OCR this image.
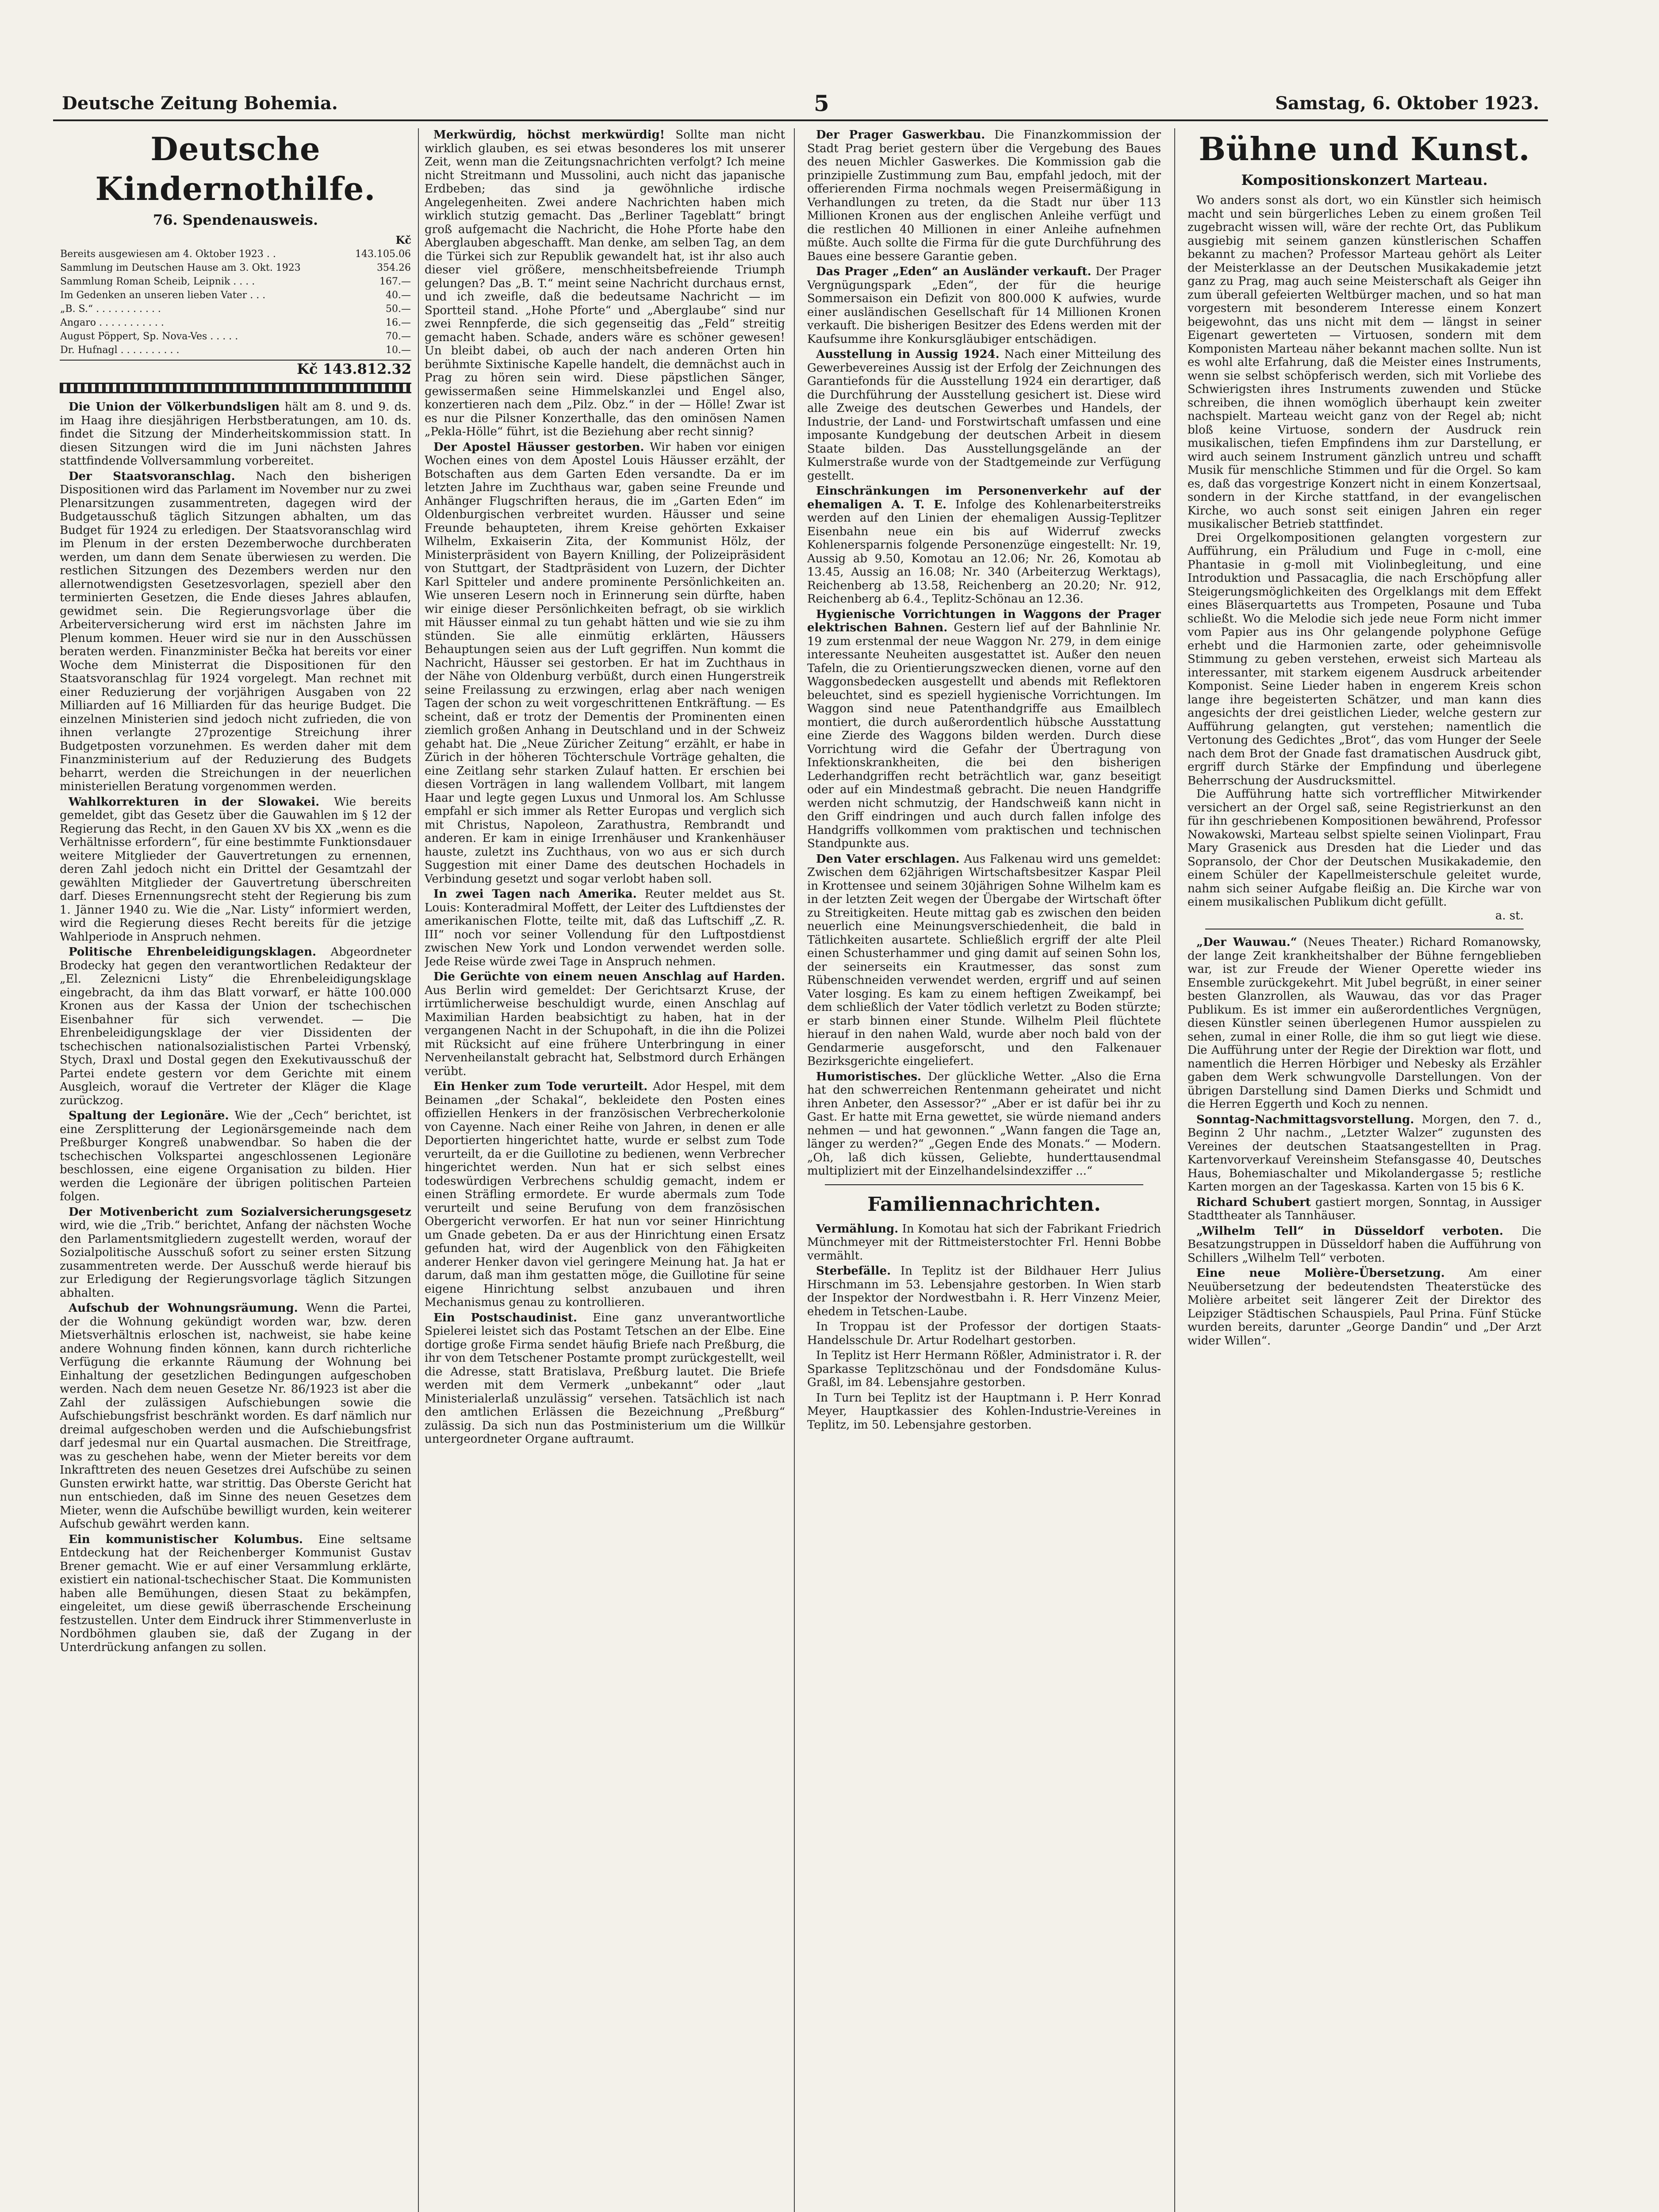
Deutsche Zeitung Bohemia.	5	Samstag, 6. Oktober 1923.
Deutsche Kindernothilfe.
76. Spendenausweis.
Kč
Bereits ausgewiesen am 4. Oktober 1923 . .	143.105.06
Sammlung im Deutschen Hause am 3. Okt. 1923	354.26
Sammlung Roman Scheib, Leipnik . . . .	167.—
Im Gedenken an unseren lieben Vater . . .	40.—
„B. S.“ . . . . . . . . . . .	50.—
Angaro . . . . . . . . . . .	16.—
August Pöppert, Sp. Nova-Ves . . . . .	70.—
Dr. Hufnagl . . . . . . . . . .	10.—
Kč 143.812.32

Die Union der Völkerbundsligen hält am 8. und 9. ds. im Haag ihre diesjährigen Herbstberatungen, am 10. ds. findet die Sitzung der Minderheitskommission statt. In diesen Sitzungen wird die im Juni nächsten Jahres stattfindende Vollversammlung vorbereitet.

Der Staatsvoranschlag. Nach den bisherigen Dispositionen wird das Parlament im November nur zu zwei Plenarsitzungen zusammentreten, dagegen wird der Budgetausschuß täglich Sitzungen abhalten, um das Budget für 1924 zu erledigen. Der Staatsvoranschlag wird im Plenum in der ersten Dezemberwoche durchberaten werden, um dann dem Senate überwiesen zu werden. Die restlichen Sitzungen des Dezembers werden nur den allernotwendigsten Gesetzesvorlagen, speziell aber den terminierten Gesetzen, die Ende dieses Jahres ablaufen, gewidmet sein. Die Regierungsvorlage über die Arbeiterversicherung wird erst im nächsten Jahre im Plenum kommen. Heuer wird sie nur in den Ausschüssen beraten werden. Finanzminister Bečka hat bereits vor einer Woche dem Ministerrat die Dispositionen für den Staatsvoranschlag für 1924 vorgelegt. Man rechnet mit einer Reduzierung der vorjährigen Ausgaben von 22 Milliarden auf 16 Milliarden für das heurige Budget. Die einzelnen Ministerien sind jedoch nicht zufrieden, die von ihnen verlangte 27prozentige Streichung ihrer Budgetposten vorzunehmen. Es werden daher mit dem Finanzministerium auf der Reduzierung des Budgets beharrt, werden die Streichungen in der neuerlichen ministeriellen Beratung vorgenommen werden.

Wahlkorrekturen in der Slowakei. Wie bereits gemeldet, gibt das Gesetz über die Gauwahlen im § 12 der Regierung das Recht, in den Gauen XV bis XX „wenn es die Verhältnisse erfordern“, für eine bestimmte Funktionsdauer weitere Mitglieder der Gauvertretungen zu ernennen, deren Zahl jedoch nicht ein Drittel der Gesamtzahl der gewählten Mitglieder der Gauvertretung überschreiten darf. Dieses Ernennungsrecht steht der Regierung bis zum 1. Jänner 1940 zu. Wie die „Nar. Listy“ informiert werden, wird die Regierung dieses Recht bereits für die jetzige Wahlperiode in Anspruch nehmen.

Politische Ehrenbeleidigungsklagen. Abgeordneter Brodecky hat gegen den verantwortlichen Redakteur der „El. Zeleznicni Listy“ die Ehrenbeleidigungsklage eingebracht, da ihm das Blatt vorwarf, er hätte 100.000 Kronen aus der Kassa der Union der tschechischen Eisenbahner für sich verwendet. — Die Ehrenbeleidigungsklage der vier Dissidenten der tschechischen nationalsozialistischen Partei Vrbenský, Stych, Draxl und Dostal gegen den Exekutivausschuß der Partei endete gestern vor dem Gerichte mit einem Ausgleich, worauf die Vertreter der Kläger die Klage zurückzog.

Spaltung der Legionäre. Wie der „Cech“ berichtet, ist eine Zersplitterung der Legionärsgemeinde nach dem Preßburger Kongreß unabwendbar. So haben die der tschechischen Volkspartei angeschlossenen Legionäre beschlossen, eine eigene Organisation zu bilden. Hier werden die Legionäre der übrigen politischen Parteien folgen.

Der Motivenbericht zum Sozialversicherungsgesetz wird, wie die „Trib.“ berichtet, Anfang der nächsten Woche den Parlamentsmitgliedern zugestellt werden, worauf der Sozialpolitische Ausschuß sofort zu seiner ersten Sitzung zusammentreten werde. Der Ausschuß werde hierauf bis zur Erledigung der Regierungsvorlage täglich Sitzungen abhalten.

Aufschub der Wohnungsräumung. Wenn die Partei, der die Wohnung gekündigt worden war, bzw. deren Mietsverhältnis erloschen ist, nachweist, sie habe keine andere Wohnung finden können, kann durch richterliche Verfügung die erkannte Räumung der Wohnung bei Einhaltung der gesetzlichen Bedingungen aufgeschoben werden. Nach dem neuen Gesetze Nr. 86/1923 ist aber die Zahl der zulässigen Aufschiebungen sowie die Aufschiebungsfrist beschränkt worden. Es darf nämlich nur dreimal aufgeschoben werden und die Aufschiebungsfrist darf jedesmal nur ein Quartal ausmachen. Die Streitfrage, was zu geschehen habe, wenn der Mieter bereits vor dem Inkrafttreten des neuen Gesetzes drei Aufschübe zu seinen Gunsten erwirkt hatte, war strittig. Das Oberste Gericht hat nun entschieden, daß im Sinne des neuen Gesetzes dem Mieter, wenn die Aufschübe bewilligt wurden, kein weiterer Aufschub gewährt werden kann.

Ein kommunistischer Kolumbus. Eine seltsame Entdeckung hat der Reichenberger Kommunist Gustav Brener gemacht. Wie er auf einer Versammlung erklärte, existiert ein national-tschechischer Staat. Die Kommunisten haben alle Bemühungen, diesen Staat zu bekämpfen, eingeleitet, um diese gewiß überraschende Erscheinung festzustellen. Unter dem Eindruck ihrer Stimmenverluste in Nordböhmen glauben sie, daß der Zugang in der Unterdrückung anfangen zu sollen.

Merkwürdig, höchst merkwürdig! Sollte man nicht wirklich glauben, es sei etwas besonderes los mit unserer Zeit, wenn man die Zeitungsnachrichten verfolgt? Ich meine nicht Streitmann und Mussolini, auch nicht das japanische Erdbeben; das sind ja gewöhnliche irdische Angelegenheiten. Zwei andere Nachrichten haben mich wirklich stutzig gemacht. Das „Berliner Tageblatt“ bringt groß aufgemacht die Nachricht, die Hohe Pforte habe den Aberglauben abgeschafft. Man denke, am selben Tag, an dem die Türkei sich zur Republik gewandelt hat, ist ihr also auch dieser viel größere, menschheitsbefreiende Triumph gelungen? Das „B. T.“ meint seine Nachricht durchaus ernst, und ich zweifle, daß die bedeutsame Nachricht — im Sportteil stand. „Hohe Pforte“ und „Aberglaube“ sind nur zwei Rennpferde, die sich gegenseitig das „Feld“ streitig gemacht haben. Schade, anders wäre es schöner gewesen! Un bleibt dabei, ob auch der nach anderen Orten hin berühmte Sixtinische Kapelle handelt, die demnächst auch in Prag zu hören sein wird. Diese päpstlichen Sänger, gewissermaßen seine Himmelskanzlei und Engel also, konzertieren nach dem „Pilz. Obz.“ in der — Hölle! Zwar ist es nur die Pilsner Konzerthalle, das den ominösen Namen „Pekla-Hölle“ führt, ist die Beziehung aber recht sinnig?

Der Apostel Häusser gestorben. Wir haben vor einigen Wochen eines von dem Apostel Louis Häusser erzählt, der Botschaften aus dem Garten Eden versandte. Da er im letzten Jahre im Zuchthaus war, gaben seine Freunde und Anhänger Flugschriften heraus, die im „Garten Eden“ im Oldenburgischen verbreitet wurden. Häusser und seine Freunde behaupteten, ihrem Kreise gehörten Exkaiser Wilhelm, Exkaiserin Zita, der Kommunist Hölz, der Ministerpräsident von Bayern Knilling, der Polizeipräsident von Stuttgart, der Stadtpräsident von Luzern, der Dichter Karl Spitteler und andere prominente Persönlichkeiten an. Wie unseren Lesern noch in Erinnerung sein dürfte, haben wir einige dieser Persönlichkeiten befragt, ob sie wirklich mit Häusser einmal zu tun gehabt hätten und wie sie zu ihm stünden. Sie alle einmütig erklärten, Häussers Behauptungen seien aus der Luft gegriffen. Nun kommt die Nachricht, Häusser sei gestorben. Er hat im Zuchthaus in der Nähe von Oldenburg verbüßt, durch einen Hungerstreik seine Freilassung zu erzwingen, erlag aber nach wenigen Tagen der schon zu weit vorgeschrittenen Entkräftung. — Es scheint, daß er trotz der Dementis der Prominenten einen ziemlich großen Anhang in Deutschland und in der Schweiz gehabt hat. Die „Neue Züricher Zeitung“ erzählt, er habe in Zürich in der höheren Töchterschule Vorträge gehalten, die eine Zeitlang sehr starken Zulauf hatten. Er erschien bei diesen Vorträgen in lang wallendem Vollbart, mit langem Haar und legte gegen Luxus und Unmoral los. Am Schlusse empfahl er sich immer als Retter Europas und verglich sich mit Christus, Napoleon, Zarathustra, Rembrandt und anderen. Er kam in einige Irrenhäuser und Krankenhäuser hauste, zuletzt ins Zuchthaus, von wo aus er sich durch Suggestion mit einer Dame des deutschen Hochadels in Verbindung gesetzt und sogar verlobt haben soll.

In zwei Tagen nach Amerika. Reuter meldet aus St. Louis: Konteradmiral Moffett, der Leiter des Luftdienstes der amerikanischen Flotte, teilte mit, daß das Luftschiff „Z. R. III“ noch vor seiner Vollendung für den Luftpostdienst zwischen New York und London verwendet werden solle. Jede Reise würde zwei Tage in Anspruch nehmen.

Die Gerüchte von einem neuen Anschlag auf Harden. Aus Berlin wird gemeldet: Der Gerichtsarzt Kruse, der irrtümlicherweise beschuldigt wurde, einen Anschlag auf Maximilian Harden beabsichtigt zu haben, hat in der vergangenen Nacht in der Schupohaft, in die ihn die Polizei mit Rücksicht auf eine frühere Unterbringung in einer Nervenheilanstalt gebracht hat, Selbstmord durch Erhängen verübt.

Ein Henker zum Tode verurteilt. Ador Hespel, mit dem Beinamen „der Schakal“, bekleidete den Posten eines offiziellen Henkers in der französischen Verbrecherkolonie von Cayenne. Nach einer Reihe von Jahren, in denen er alle Deportierten hingerichtet hatte, wurde er selbst zum Tode verurteilt, da er die Guillotine zu bedienen, wenn Verbrecher hingerichtet werden. Nun hat er sich selbst eines todeswürdigen Verbrechens schuldig gemacht, indem er einen Sträfling ermordete. Er wurde abermals zum Tode verurteilt und seine Berufung von dem französischen Obergericht verworfen. Er hat nun vor seiner Hinrichtung um Gnade gebeten. Da er aus der Hinrichtung einen Ersatz gefunden hat, wird der Augenblick von den Fähigkeiten anderer Henker davon viel geringere Meinung hat. Ja hat er darum, daß man ihm gestatten möge, die Guillotine für seine eigene Hinrichtung selbst anzubauen und ihren Mechanismus genau zu kontrollieren.

Ein Postschaudinist. Eine ganz unverantwortliche Spielerei leistet sich das Postamt Tetschen an der Elbe. Eine dortige große Firma sendet häufig Briefe nach Preßburg, die ihr von dem Tetschener Postamte prompt zurückgestellt, weil die Adresse, statt Bratislava, Preßburg lautet. Die Briefe werden mit dem Vermerk „unbekannt“ oder „laut Ministerialerlaß unzulässig“ versehen. Tatsächlich ist nach den amtlichen Erlässen die Bezeichnung „Preßburg“ zulässig. Da sich nun das Postministerium um die Willkür untergeordneter Organe auftraumt.

Der Prager Gaswerkbau. Die Finanzkommission der Stadt Prag beriet gestern über die Vergebung des Baues des neuen Michler Gaswerkes. Die Kommission gab die prinzipielle Zustimmung zum Bau, empfahl jedoch, mit der offerierenden Firma nochmals wegen Preisermäßigung in Verhandlungen zu treten, da die Stadt nur über 113 Millionen Kronen aus der englischen Anleihe verfügt und die restlichen 40 Millionen in einer Anleihe aufnehmen müßte. Auch sollte die Firma für die gute Durchführung des Baues eine bessere Garantie geben.

Das Prager „Eden“ an Ausländer verkauft. Der Prager Vergnügungspark „Eden“, der für die heurige Sommersaison ein Defizit von 800.000 K aufwies, wurde einer ausländischen Gesellschaft für 14 Millionen Kronen verkauft. Die bisherigen Besitzer des Edens werden mit der Kaufsumme ihre Konkursgläubiger entschädigen.

Ausstellung in Aussig 1924. Nach einer Mitteilung des Gewerbevereines Aussig ist der Erfolg der Zeichnungen des Garantiefonds für die Ausstellung 1924 ein derartiger, daß die Durchführung der Ausstellung gesichert ist. Diese wird alle Zweige des deutschen Gewerbes und Handels, der Industrie, der Land- und Forstwirtschaft umfassen und eine imposante Kundgebung der deutschen Arbeit in diesem Staate bilden. Das Ausstellungsgelände an der Kulmerstraße wurde von der Stadtgemeinde zur Verfügung gestellt.

Einschränkungen im Personenverkehr auf der ehemaligen A. T. E. Infolge des Kohlenarbeiterstreiks werden auf den Linien der ehemaligen Aussig-Teplitzer Eisenbahn neue ein bis auf Widerruf zwecks Kohlenersparnis folgende Personenzüge eingestellt: Nr. 19, Aussig ab 9.50, Komotau an 12.06; Nr. 26, Komotau ab 13.45, Aussig an 16.08; Nr. 340 (Arbeiterzug Werktags), Reichenberg ab 13.58, Reichenberg an 20.20; Nr. 912, Reichenberg ab 6.4., Teplitz-Schönau an 12.36.

Hygienische Vorrichtungen in Waggons der Prager elektrischen Bahnen. Gestern lief auf der Bahnlinie Nr. 19 zum erstenmal der neue Waggon Nr. 279, in dem einige interessante Neuheiten ausgestattet ist. Außer den neuen Tafeln, die zu Orientierungszwecken dienen, vorne auf den Waggonsbedecken ausgestellt und abends mit Reflektoren beleuchtet, sind es speziell hygienische Vorrichtungen. Im Waggon sind neue Patenthandgriffe aus Emailblech montiert, die durch außerordentlich hübsche Ausstattung eine Zierde des Waggons bilden werden. Durch diese Vorrichtung wird die Gefahr der Übertragung von Infektionskrankheiten, die bei den bisherigen Lederhandgriffen recht beträchtlich war, ganz beseitigt oder auf ein Mindestmaß gebracht. Die neuen Handgriffe werden nicht schmutzig, der Handschweiß kann nicht in den Griff eindringen und auch durch fallen infolge des Handgriffs vollkommen vom praktischen und technischen Standpunkte aus.

Den Vater erschlagen. Aus Falkenau wird uns gemeldet: Zwischen dem 62jährigen Wirtschaftsbesitzer Kaspar Pleil in Krottensee und seinem 30jährigen Sohne Wilhelm kam es in der letzten Zeit wegen der Übergabe der Wirtschaft öfter zu Streitigkeiten. Heute mittag gab es zwischen den beiden neuerlich eine Meinungsverschiedenheit, die bald in Tätlichkeiten ausartete. Schließlich ergriff der alte Pleil einen Schusterhammer und ging damit auf seinen Sohn los, der seinerseits ein Krautmesser, das sonst zum Rübenschneiden verwendet werden, ergriff und auf seinen Vater losging. Es kam zu einem heftigen Zweikampf, bei dem schließlich der Vater tödlich verletzt zu Boden stürzte; er starb binnen einer Stunde. Wilhelm Pleil flüchtete hierauf in den nahen Wald, wurde aber noch bald von der Gendarmerie ausgeforscht, und den Falkenauer Bezirksgerichte eingeliefert.

Humoristisches. Der glückliche Wetter. „Also die Erna hat den schwerreichen Rentenmann geheiratet und nicht ihren Anbeter, den Assessor?“ „Aber er ist dafür bei ihr zu Gast. Er hatte mit Erna gewettet, sie würde niemand anders nehmen — und hat gewonnen.“ „Wann fangen die Tage an, länger zu werden?“ „Gegen Ende des Monats.“ — Modern. „Oh, laß dich küssen, Geliebte, hunderttausendmal multipliziert mit der Einzelhandelsindexziffer ...“

Familiennachrichten.

Vermählung. In Komotau hat sich der Fabrikant Friedrich Münchmeyer mit der Rittmeisterstochter Frl. Henni Bobbe vermählt.

Sterbefälle. In Teplitz ist der Bildhauer Herr Julius Hirschmann im 53. Lebensjahre gestorben. In Wien starb der Inspektor der Nordwestbahn i. R. Herr Vinzenz Meier, ehedem in Tetschen-Laube.

In Troppau ist der Professor der dortigen Staats-Handelsschule Dr. Artur Rodelhart gestorben.

In Teplitz ist Herr Hermann Rößler, Administrator i. R. der Sparkasse Teplitzschönau und der Fondsdomäne Kulus-Graßl, im 84. Lebensjahre gestorben.

In Turn bei Teplitz ist der Hauptmann i. P. Herr Konrad Meyer, Hauptkassier des Kohlen-Industrie-Vereines in Teplitz, im 50. Lebensjahre gestorben.

Bühne und Kunst.
Kompositionskonzert Marteau.

Wo anders sonst als dort, wo ein Künstler sich heimisch macht und sein bürgerliches Leben zu einem großen Teil zugebracht wissen will, wäre der rechte Ort, das Publikum ausgiebig mit seinem ganzen künstlerischen Schaffen bekannt zu machen? Professor Marteau gehört als Leiter der Meisterklasse an der Deutschen Musikakademie jetzt ganz zu Prag, mag auch seine Meisterschaft als Geiger ihn zum überall gefeierten Weltbürger machen, und so hat man vorgestern mit besonderem Interesse einem Konzert beigewohnt, das uns nicht mit dem — längst in seiner Eigenart gewerteten — Virtuosen, sondern mit dem Komponisten Marteau näher bekannt machen sollte. Nun ist es wohl alte Erfahrung, daß die Meister eines Instruments, wenn sie selbst schöpferisch werden, sich mit Vorliebe des Schwierigsten ihres Instruments zuwenden und Stücke schreiben, die ihnen womöglich überhaupt kein zweiter nachspielt. Marteau weicht ganz von der Regel ab; nicht bloß keine Virtuose, sondern der Ausdruck rein musikalischen, tiefen Empfindens ihm zur Darstellung, er wird auch seinem Instrument gänzlich untreu und schafft Musik für menschliche Stimmen und für die Orgel. So kam es, daß das vorgestrige Konzert nicht in einem Konzertsaal, sondern in der Kirche stattfand, in der evangelischen Kirche, wo auch sonst seit einigen Jahren ein reger musikalischer Betrieb stattfindet.

Drei Orgelkompositionen gelangten vorgestern zur Aufführung, ein Präludium und Fuge in c-moll, eine Phantasie in g-moll mit Violinbegleitung, und eine Introduktion und Passacaglia, die nach Erschöpfung aller Steigerungsmöglichkeiten des Orgelklangs mit dem Effekt eines Bläserquartetts aus Trompeten, Posaune und Tuba schließt. Wo die Melodie sich jede neue Form nicht immer vom Papier aus ins Ohr gelangende polyphone Gefüge erhebt und die Harmonien zarte, oder geheimnisvolle Stimmung zu geben verstehen, erweist sich Marteau als interessanter, mit starkem eigenem Ausdruck arbeitender Komponist. Seine Lieder haben in engerem Kreis schon lange ihre begeisterten Schätzer, und man kann dies angesichts der drei geistlichen Lieder, welche gestern zur Aufführung gelangten, gut verstehen; namentlich die Vertonung des Gedichtes „Brot“, das vom Hunger der Seele nach dem Brot der Gnade fast dramatischen Ausdruck gibt, ergriff durch Stärke der Empfindung und überlegene Beherrschung der Ausdrucksmittel.

Die Aufführung hatte sich vortrefflicher Mitwirkender versichert an der Orgel saß, seine Registrierkunst an den für ihn geschriebenen Kompositionen bewährend, Professor Nowakowski, Marteau selbst spielte seinen Violinpart, Frau Mary Grasenick aus Dresden hat die Lieder und das Sopransolo, der Chor der Deutschen Musikakademie, den einem Schüler der Kapellmeisterschule geleitet wurde, nahm sich seiner Aufgabe fleißig an. Die Kirche war von einem musikalischen Publikum dicht gefüllt.

a. st.

„Der Wauwau.“ (Neues Theater.) Richard Romanowsky, der lange Zeit krankheitshalber der Bühne ferngeblieben war, ist zur Freude der Wiener Operette wieder ins Ensemble zurückgekehrt. Mit Jubel begrüßt, in einer seiner besten Glanzrollen, als Wauwau, das vor das Prager Publikum. Es ist immer ein außerordentliches Vergnügen, diesen Künstler seinen überlegenen Humor ausspielen zu sehen, zumal in einer Rolle, die ihm so gut liegt wie diese. Die Aufführung unter der Regie der Direktion war flott, und namentlich die Herren Hörbiger und Nebesky als Erzähler gaben dem Werk schwungvolle Darstellungen. Von der übrigen Darstellung sind Damen Dierks und Schmidt und die Herren Eggerth und Koch zu nennen.

Sonntag-Nachmittagsvorstellung. Morgen, den 7. d., Beginn 2 Uhr nachm., „Letzter Walzer“ zugunsten des Vereines der deutschen Staatsangestellten in Prag. Kartenvorverkauf Vereinsheim Stefansgasse 40, Deutsches Haus, Bohemiaschalter und Mikolandergasse 5; restliche Karten morgen an der Tageskassa. Karten von 15 bis 6 K.

Richard Schubert gastiert morgen, Sonntag, in Aussiger Stadttheater als Tannhäuser.

„Wilhelm Tell“ in Düsseldorf verboten. Die Besatzungstruppen in Düsseldorf haben die Aufführung von Schillers „Wilhelm Tell“ verboten.

Eine neue Molière-Übersetzung. Am einer Neuübersetzung der bedeutendsten Theaterstücke des Molière arbeitet seit längerer Zeit der Direktor des Leipziger Städtischen Schauspiels, Paul Prina. Fünf Stücke wurden bereits, darunter „George Dandin“ und „Der Arzt wider Willen“.
